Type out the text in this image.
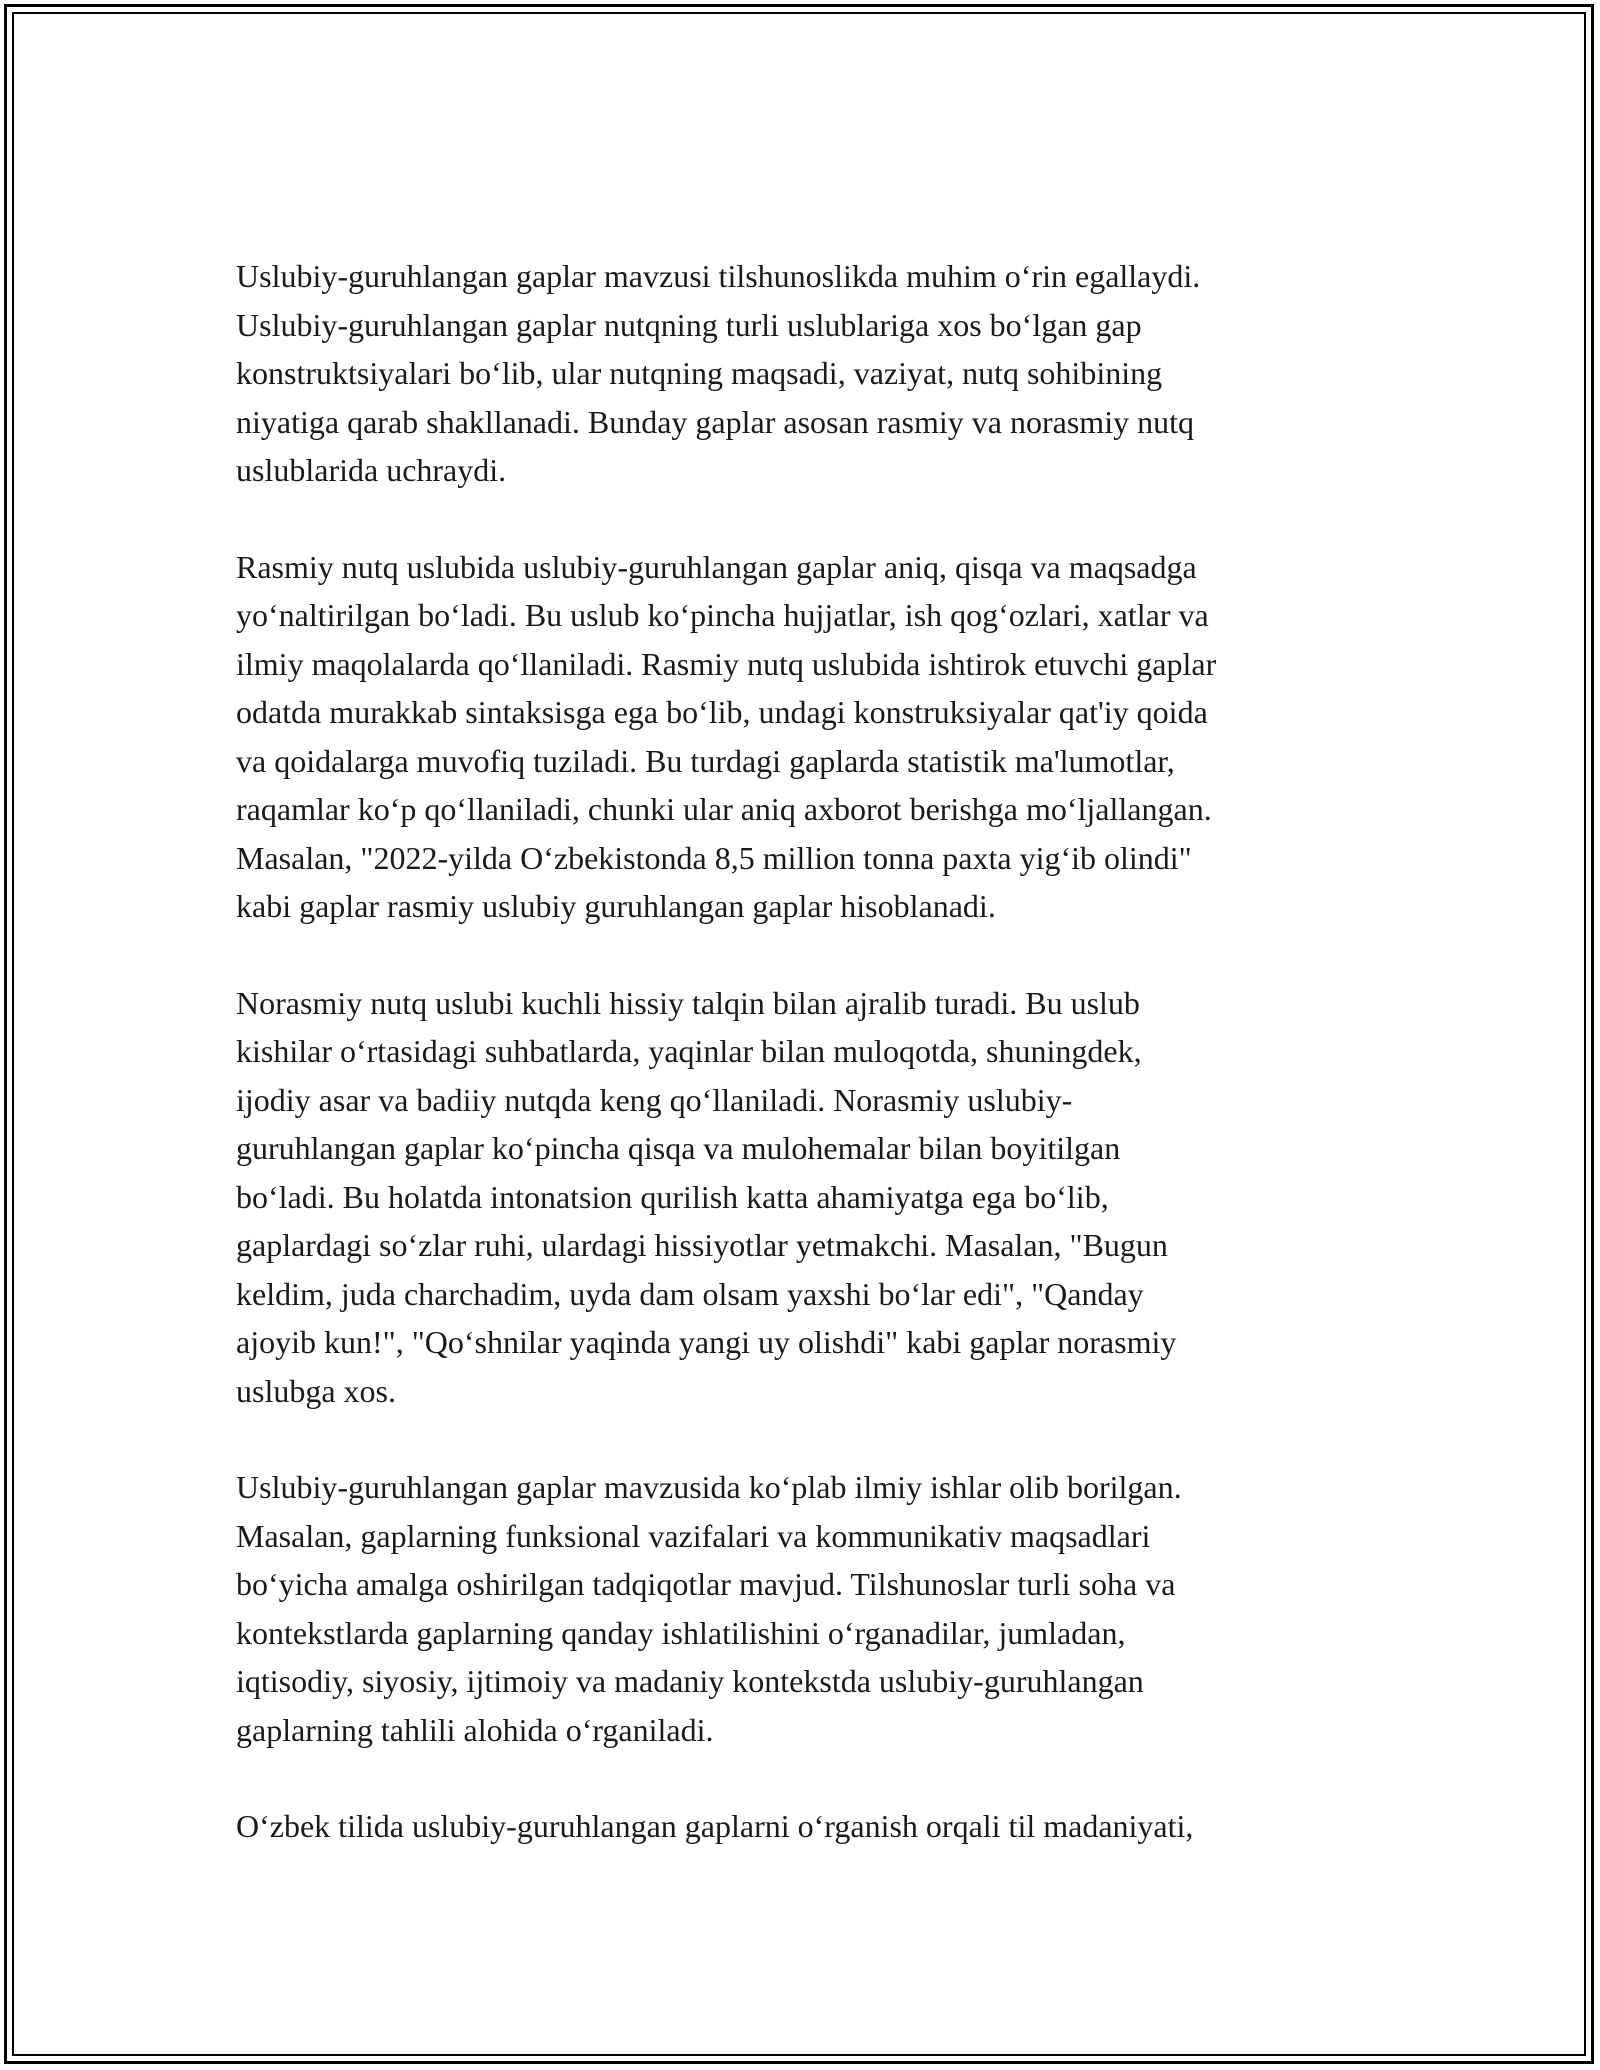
Uslubiy-guruhlangan gaplar mavzusi tilshunoslikda muhim oʻrin egallaydi.
Uslubiy-guruhlangan gaplar nutqning turli uslublariga xos boʻlgan gap
konstruktsiyalari boʻlib, ular nutqning maqsadi, vaziyat, nutq sohibining
niyatiga qarab shakllanadi. Bunday gaplar asosan rasmiy va norasmiy nutq
uslublarida uchraydi.

Rasmiy nutq uslubida uslubiy-guruhlangan gaplar aniq, qisqa va maqsadga
yoʻnaltirilgan boʻladi. Bu uslub koʻpincha hujjatlar, ish qogʻozlari, xatlar va
ilmiy maqolalarda qoʻllaniladi. Rasmiy nutq uslubida ishtirok etuvchi gaplar
odatda murakkab sintaksisga ega boʻlib, undagi konstruksiyalar qat'iy qoida
va qoidalarga muvofiq tuziladi. Bu turdagi gaplarda statistik ma'lumotlar,
raqamlar koʻp qoʻllaniladi, chunki ular aniq axborot berishga moʻljallangan.
Masalan, "2022-yilda Oʻzbekistonda 8,5 million tonna paxta yigʻib olindi"
kabi gaplar rasmiy uslubiy guruhlangan gaplar hisoblanadi.

Norasmiy nutq uslubi kuchli hissiy talqin bilan ajralib turadi. Bu uslub
kishilar oʻrtasidagi suhbatlarda, yaqinlar bilan muloqotda, shuningdek,
ijodiy asar va badiiy nutqda keng qoʻllaniladi. Norasmiy uslubiy-
guruhlangan gaplar koʻpincha qisqa va mulohemalar bilan boyitilgan
boʻladi. Bu holatda intonatsion qurilish katta ahamiyatga ega boʻlib,
gaplardagi soʻzlar ruhi, ulardagi hissiyotlar yetmakchi. Masalan, "Bugun
keldim, juda charchadim, uyda dam olsam yaxshi boʻlar edi", "Qanday
ajoyib kun!", "Qoʻshnilar yaqinda yangi uy olishdi" kabi gaplar norasmiy
uslubga xos.

Uslubiy-guruhlangan gaplar mavzusida koʻplab ilmiy ishlar olib borilgan.
Masalan, gaplarning funksional vazifalari va kommunikativ maqsadlari
boʻyicha amalga oshirilgan tadqiqotlar mavjud. Tilshunoslar turli soha va
kontekstlarda gaplarning qanday ishlatilishini oʻrganadilar, jumladan,
iqtisodiy, siyosiy, ijtimoiy va madaniy kontekstda uslubiy-guruhlangan
gaplarning tahlili alohida oʻrganiladi.

Oʻzbek tilida uslubiy-guruhlangan gaplarni oʻrganish orqali til madaniyati,
